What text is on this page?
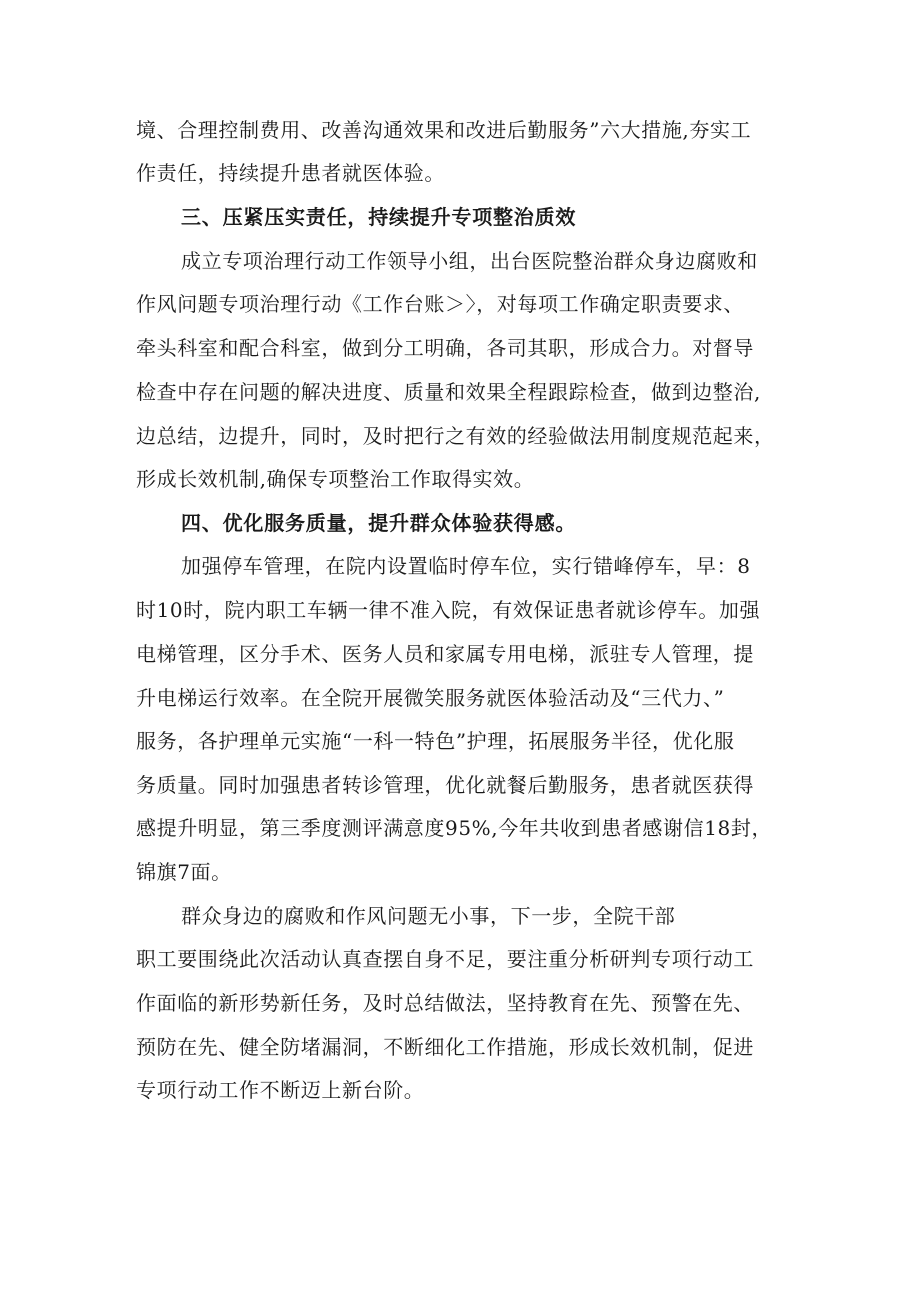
境、合理控制费用、改善沟通效果和改进后勤服务”六大措施,夯实工
作责任，持续提升患者就医体验。
三、压紧压实责任，持续提升专项整治质效
成立专项治理行动工作领导小组，出台医院整治群众身边腐败和
作风问题专项治理行动《工作台账＞〉，对每项工作确定职责要求、
牵头科室和配合科室，做到分工明确，各司其职，形成合力。对督导
检查中存在问题的解决进度、质量和效果全程跟踪检查，做到边整治,
边总结，边提升，同时，及时把行之有效的经验做法用制度规范起来，
形成长效机制,确保专项整治工作取得实效。
四、优化服务质量，提升群众体验获得感。
加强停车管理，在院内设置临时停车位，实行错峰停车，早：8
时10时，院内职工车辆一律不准入院，有效保证患者就诊停车。加强
电梯管理，区分手术、医务人员和家属专用电梯，派驻专人管理，提
升电梯运行效率。在全院开展微笑服务就医体验活动及“三代力、”
服务，各护理单元实施“一科一特色”护理，拓展服务半径，优化服
务质量。同时加强患者转诊管理，优化就餐后勤服务，患者就医获得
感提升明显，第三季度测评满意度95%,今年共收到患者感谢信18封，
锦旗7面。
群众身边的腐败和作风问题无小事，下一步，全院干部
职工要围绕此次活动认真查摆自身不足，要注重分析研判专项行动工
作面临的新形势新任务，及时总结做法，坚持教育在先、预警在先、
预防在先、健全防堵漏洞，不断细化工作措施，形成长效机制，促进
专项行动工作不断迈上新台阶。
